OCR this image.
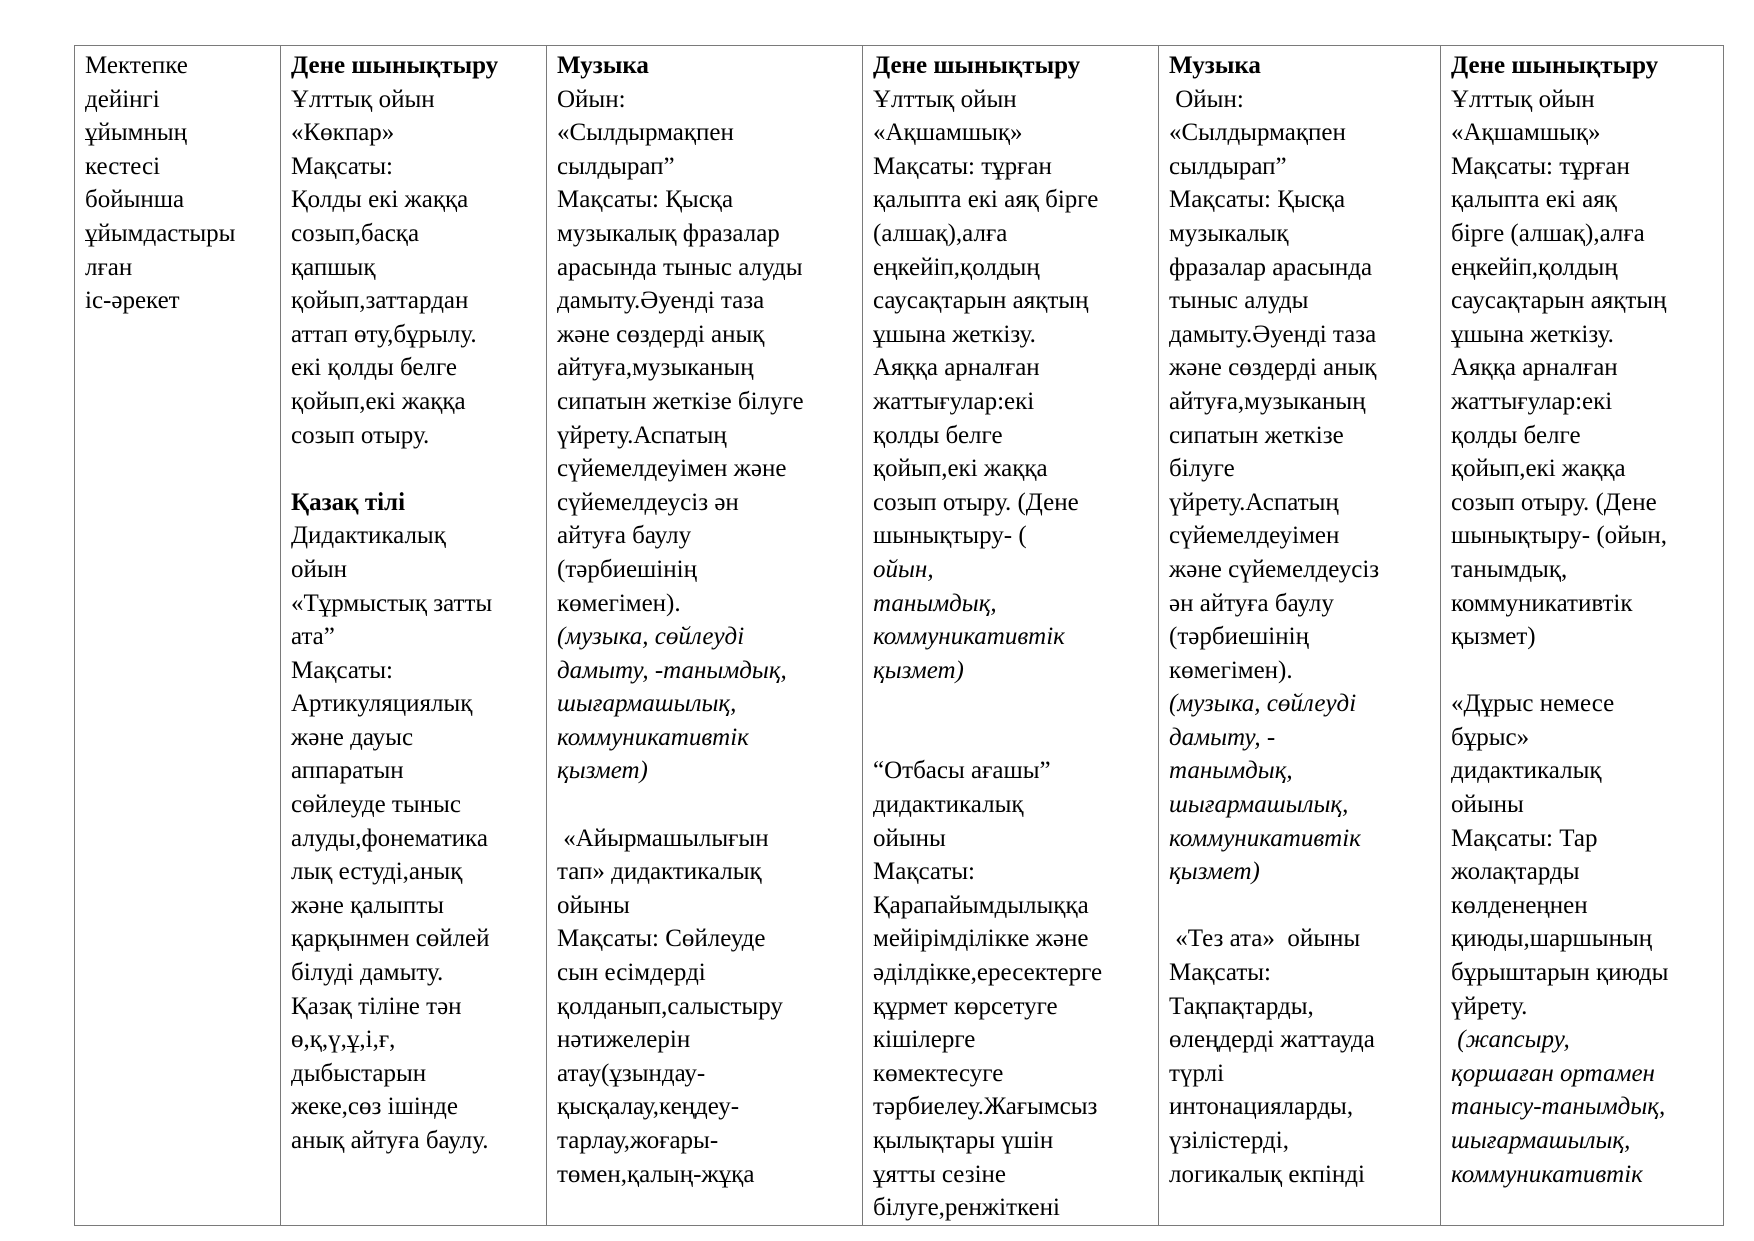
Мектепке
дейінгі
ұйымның
кестесі
бойынша
ұйымдастыры
лған
іс-әрекет

Дене шынықтыру
Ұлттық ойын
«Көкпар»
Мақсаты:
Қолды екі жаққа
созып,басқа
қапшық
қойып,заттардан
аттап өту,бұрылу.
екі қолды белге
қойып,екі жаққа
созып отыру.
Қазақ тілі
Дидактикалық
ойын
«Тұрмыстық затты
ата”
Мақсаты:
Артикуляциялық
және дауыс
аппаратын
сөйлеуде тыныс
алуды,фонематика
лық естуді,анық
және қалыпты
қарқынмен сөйлей
білуді дамыту.
Қазақ тіліне тән
ө,қ,ү,ұ,і,ғ,
дыбыстарын
жеке,сөз ішінде
анық айтуға баулу.

Музыка
Ойын:
«Сылдырмақпен
сылдырап”
Мақсаты: Қысқа
музыкалық фразалар
арасында тыныс алуды
дамыту.Әуенді таза
және сөздерді анық
айтуға,музыканың
сипатын жеткізе білуге
үйрету.Аспатың
сүйемелдеуімен және
сүйемелдеусіз ән
айтуға баулу
(тәрбиешінің
көмегімен).
(музыка, сөйлеуді
дамыту, -танымдық,
шығармашылық,
коммуникативтік
қызмет)
«Айырмашылығын
тап» дидактикалық
ойыны
Мақсаты: Сөйлеуде
сын есімдерді
қолданып,салыстыру
нәтижелерін
атау(ұзындау-
қысқалау,кеңдеу-
тарлау,жоғары-
төмен,қалың-жұқа

Дене шынықтыру
Ұлттық ойын
«Ақшамшық»
Мақсаты: тұрған
қалыпта екі аяқ бірге
(алшақ),алға
еңкейіп,қолдың
саусақтарын аяқтың
ұшына жеткізу.
Аяққа арналған
жаттығулар:екі
қолды белге
қойып,екі жаққа
созып отыру. (Дене
шынықтыру- (
ойын,
танымдық,
коммуникативтік
қызмет)
“Отбасы ағашы”
дидактикалық
ойыны
Мақсаты:
Қарапайымдылыққа
мейірімділікке және
әділдікке,ересектерге
құрмет көрсетуге
кішілерге
көмектесуге
тәрбиелеу.Жағымсыз
қылықтары үшін
ұятты сезіне
білуге,ренжіткені

Музыка
Ойын:
«Сылдырмақпен
сылдырап”
Мақсаты: Қысқа
музыкалық
фразалар арасында
тыныс алуды
дамыту.Әуенді таза
және сөздерді анық
айтуға,музыканың
сипатын жеткізе
білуге
үйрету.Аспатың
сүйемелдеуімен
және сүйемелдеусіз
ән айтуға баулу
(тәрбиешінің
көмегімен).
(музыка, сөйлеуді
дамыту, -
танымдық,
шығармашылық,
коммуникативтік
қызмет)
«Тез ата»  ойыны
Мақсаты:
Тақпақтарды,
өлеңдерді жаттауда
түрлі
интонацияларды,
үзілістерді,
логикалық екпінді

Дене шынықтыру
Ұлттық ойын
«Ақшамшық»
Мақсаты: тұрған
қалыпта екі аяқ
бірге (алшақ),алға
еңкейіп,қолдың
саусақтарын аяқтың
ұшына жеткізу.
Аяққа арналған
жаттығулар:екі
қолды белге
қойып,екі жаққа
созып отыру. (Дене
шынықтыру- (ойын,
танымдық,
коммуникативтік
қызмет)
«Дұрыс немесе
бұрыс»
дидактикалық
ойыны
Мақсаты: Тар
жолақтарды
көлденеңнен
қиюды,шаршының
бұрыштарын қиюды
үйрету.
(жапсыру,
қоршаған ортамен
танысу-танымдық,
шығармашылық,
коммуникативтік
